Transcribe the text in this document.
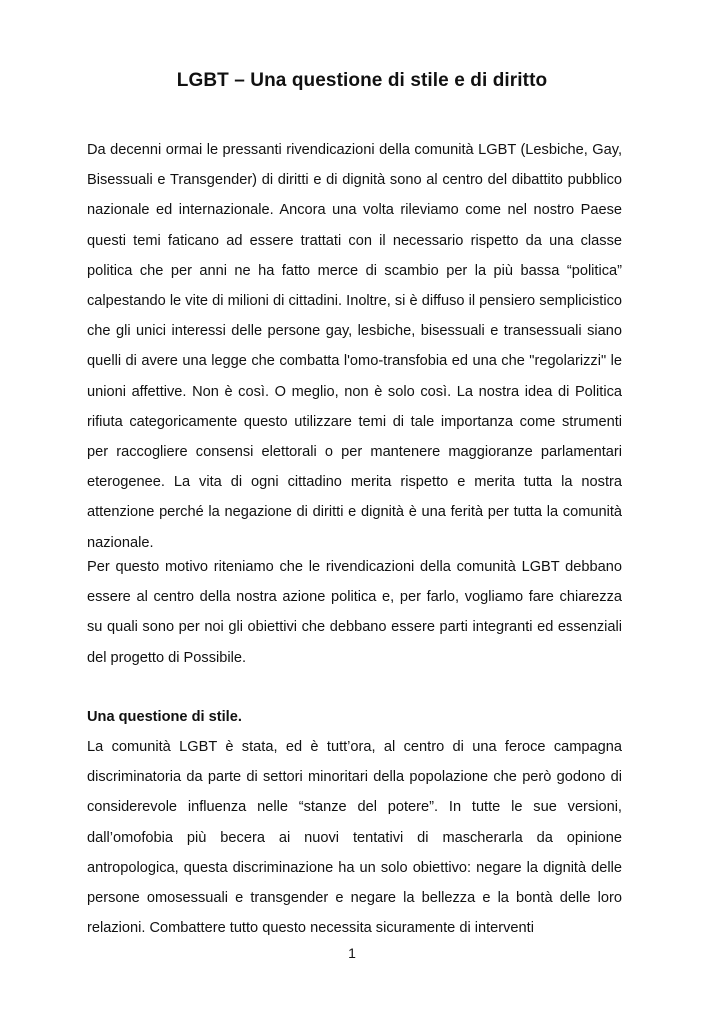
LGBT – Una questione di stile e di diritto

Da decenni ormai le pressanti rivendicazioni della comunità LGBT (Lesbiche, Gay, Bisessuali e Transgender) di diritti e di dignità sono al centro del dibattito pubblico nazionale ed internazionale. Ancora una volta rileviamo come nel nostro Paese questi temi faticano ad essere trattati con il necessario rispetto da una classe politica che per anni ne ha fatto merce di scambio per la più bassa “politica” calpestando le vite di milioni di cittadini. Inoltre, si è diffuso il pensiero semplicistico che gli unici interessi delle persone gay, lesbiche, bisessuali e transessuali siano quelli di avere una legge che combatta l'omo-transfobia ed una che "regolarizzi" le unioni affettive. Non è così. O meglio, non è solo così. La nostra idea di Politica rifiuta categoricamente questo utilizzare temi di tale importanza come strumenti per raccogliere consensi elettorali o per mantenere maggioranze parlamentari eterogenee. La vita di ogni cittadino merita rispetto e merita tutta la nostra attenzione perché la negazione di diritti e dignità è una ferità per tutta la comunità nazionale.

Per questo motivo riteniamo che le rivendicazioni della comunità LGBT debbano essere al centro della nostra azione politica e, per farlo, vogliamo fare chiarezza su quali sono per noi gli obiettivi che debbano essere parti integranti ed essenziali del progetto di Possibile.

Una questione di stile.

La comunità LGBT è stata, ed è tutt’ora, al centro di una feroce campagna discriminatoria da parte di settori minoritari della popolazione che però godono di considerevole influenza nelle “stanze del potere”. In tutte le sue versioni, dall’omofobia più becera ai nuovi tentativi di mascherarla da opinione antropologica, questa discriminazione ha un solo obiettivo: negare la dignità delle persone omosessuali e transgender e negare la bellezza e la bontà delle loro relazioni. Combattere tutto questo necessita sicuramente di interventi

1
